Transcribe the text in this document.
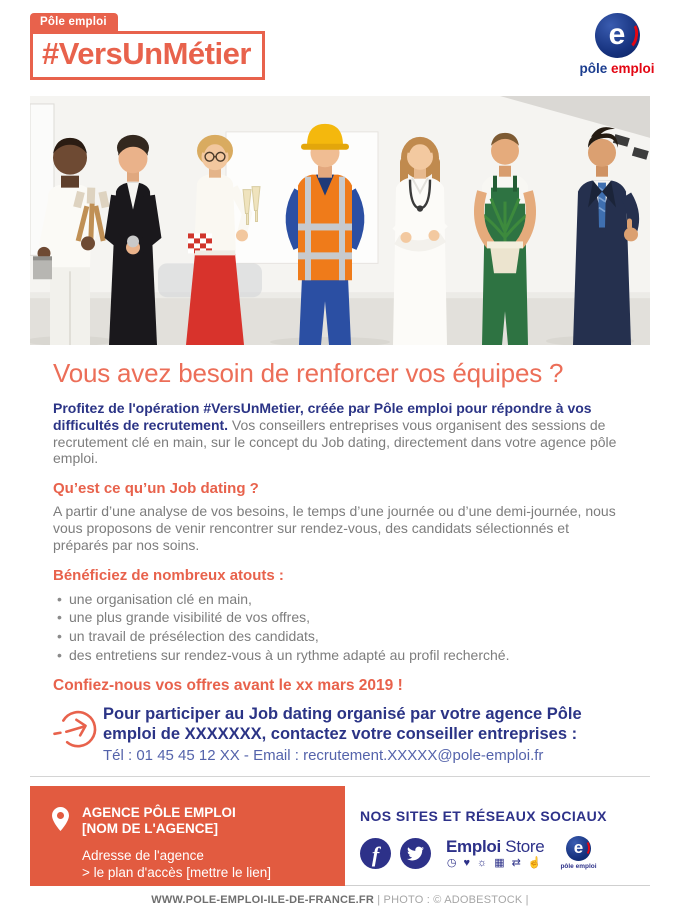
Pôle emploi
#VersUnMétier
e
pôle emploi
Vous avez besoin de renforcer vos équipes ?

Profitez de l'opération #VersUnMetier, créée par Pôle emploi pour répondre à vos difficultés de recrutement. Vos conseillers entreprises vous organisent des sessions de recrutement clé en main, sur le concept du Job dating, directement dans votre agence pôle emploi.

Qu’est ce qu’un Job dating ?

A partir d’une analyse de vos besoins, le temps d’une journée ou d’une demi-journée, nous vous proposons de venir rencontrer sur rendez-vous, des candidats sélectionnés et préparés par nos soins.

Bénéficiez de nombreux atouts :
• une organisation clé en main,
• une plus grande visibilité de vos offres,
• un travail de présélection des candidats,
• des entretiens sur rendez-vous à un rythme adapté au profil recherché.

Confiez-nous vos offres avant le xx mars 2019 !

Pour participer au Job dating organisé par votre agence Pôle emploi de XXXXXXX, contactez votre conseiller entreprises :
Tél : 01 45 45 12 XX - Email : recrutement.XXXXX@pole-emploi.fr
AGENCE PÔLE EMPLOI
[NOM DE L'AGENCE]
Adresse de l'agence
> le plan d'accès [mettre le lien]
NOS SITES ET RÉSEAUX SOCIAUX
f	Emploi Store
◷ ♥ ☼ ▦ ⇄ ☝
e
pôle emploi
WWW.POLE-EMPLOI-ILE-DE-FRANCE.FR | PHOTO : © ADOBESTOCK |
